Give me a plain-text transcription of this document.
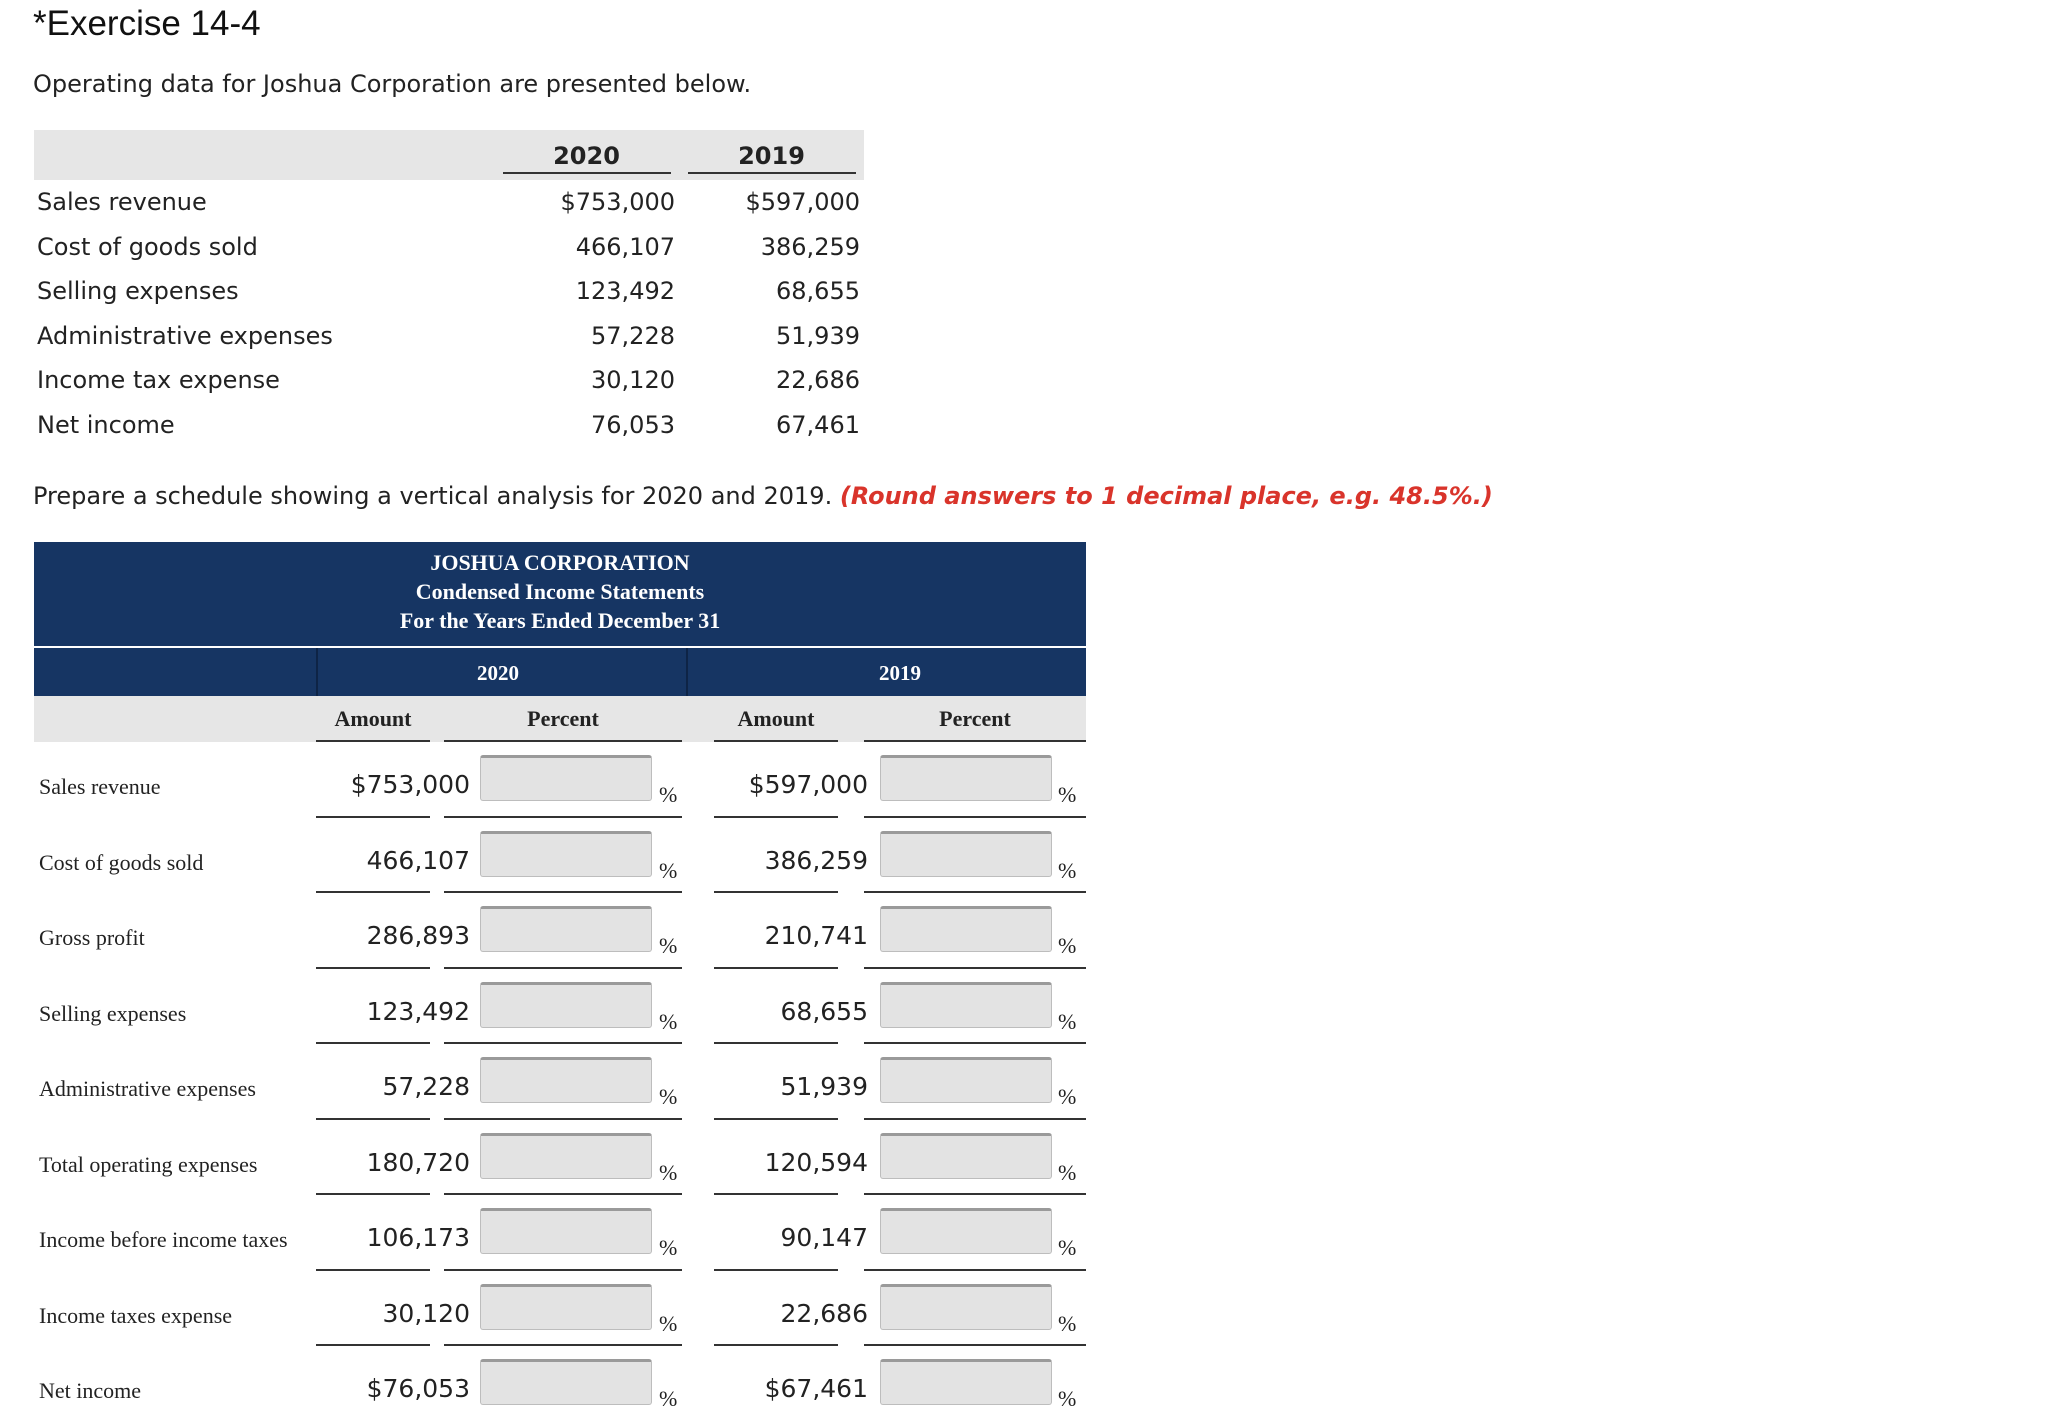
*Exercise 14-4
Operating data for Joshua Corporation are presented below.
	2020	2019
Sales revenue	$753,000	$597,000
Cost of goods sold	466,107	386,259
Selling expenses	123,492	68,655
Administrative expenses	57,228	51,939
Income tax expense	30,120	22,686
Net income	76,053	67,461
Prepare a schedule showing a vertical analysis for 2020 and 2019. (Round answers to 1 decimal place, e.g. 48.5%.)
JOSHUA CORPORATION
Condensed Income Statements
For the Years Ended December 31
2020	2019
Amount	Percent	Amount	Percent
Sales revenue	$753,000	%	$597,000	%
Cost of goods sold	466,107	%	386,259	%
Gross profit	286,893	%	210,741	%
Selling expenses	123,492	%	68,655	%
Administrative expenses	57,228	%	51,939	%
Total operating expenses	180,720	%	120,594	%
Income before income taxes	106,173	%	90,147	%
Income taxes expense	30,120	%	22,686	%
Net income	$76,053	%	$67,461	%
